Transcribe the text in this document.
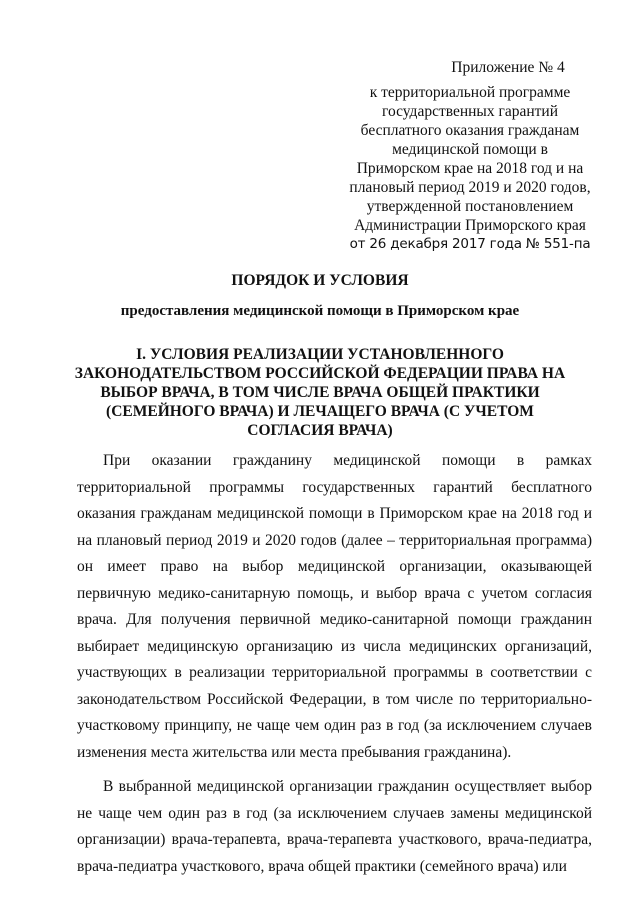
Приложение № 4
к территориальной программе
государственных гарантий
бесплатного оказания гражданам
медицинской помощи в
Приморском крае на 2018 год и на
плановый период 2019 и 2020 годов,
утвержденной постановлением
Администрации Приморского края
от 26 декабря 2017 года № 551-па
ПОРЯДОК И УСЛОВИЯ
предоставления медицинской помощи в Приморском крае
I. УСЛОВИЯ РЕАЛИЗАЦИИ УСТАНОВЛЕННОГО ЗАКОНОДАТЕЛЬСТВОМ РОССИЙСКОЙ ФЕДЕРАЦИИ ПРАВА НА ВЫБОР ВРАЧА, В ТОМ ЧИСЛЕ ВРАЧА ОБЩЕЙ ПРАКТИКИ (СЕМЕЙНОГО ВРАЧА) И ЛЕЧАЩЕГО ВРАЧА (С УЧЕТОМ СОГЛАСИЯ ВРАЧА)

При оказании гражданину медицинской помощи в рамках территориальной программы государственных гарантий бесплатного оказания гражданам медицинской помощи в Приморском крае на 2018 год и на плановый период 2019 и 2020 годов (далее – территориальная программа) он имеет право на выбор медицинской организации, оказывающей первичную медико-санитарную помощь, и выбор врача с учетом согласия врача. Для получения первичной медико-санитарной помощи гражданин выбирает медицинскую организацию из числа медицинских организаций, участвующих в реализации территориальной программы в соответствии с законодательством Российской Федерации, в том числе по территориально-участковому принципу, не чаще чем один раз в год (за исключением случаев изменения места жительства или места пребывания гражданина).

В выбранной медицинской организации гражданин осуществляет выбор не чаще чем один раз в год (за исключением случаев замены медицинской организации) врача-терапевта, врача-терапевта участкового, врача-педиатра, врача-педиатра участкового, врача общей практики (семейного врача) или
